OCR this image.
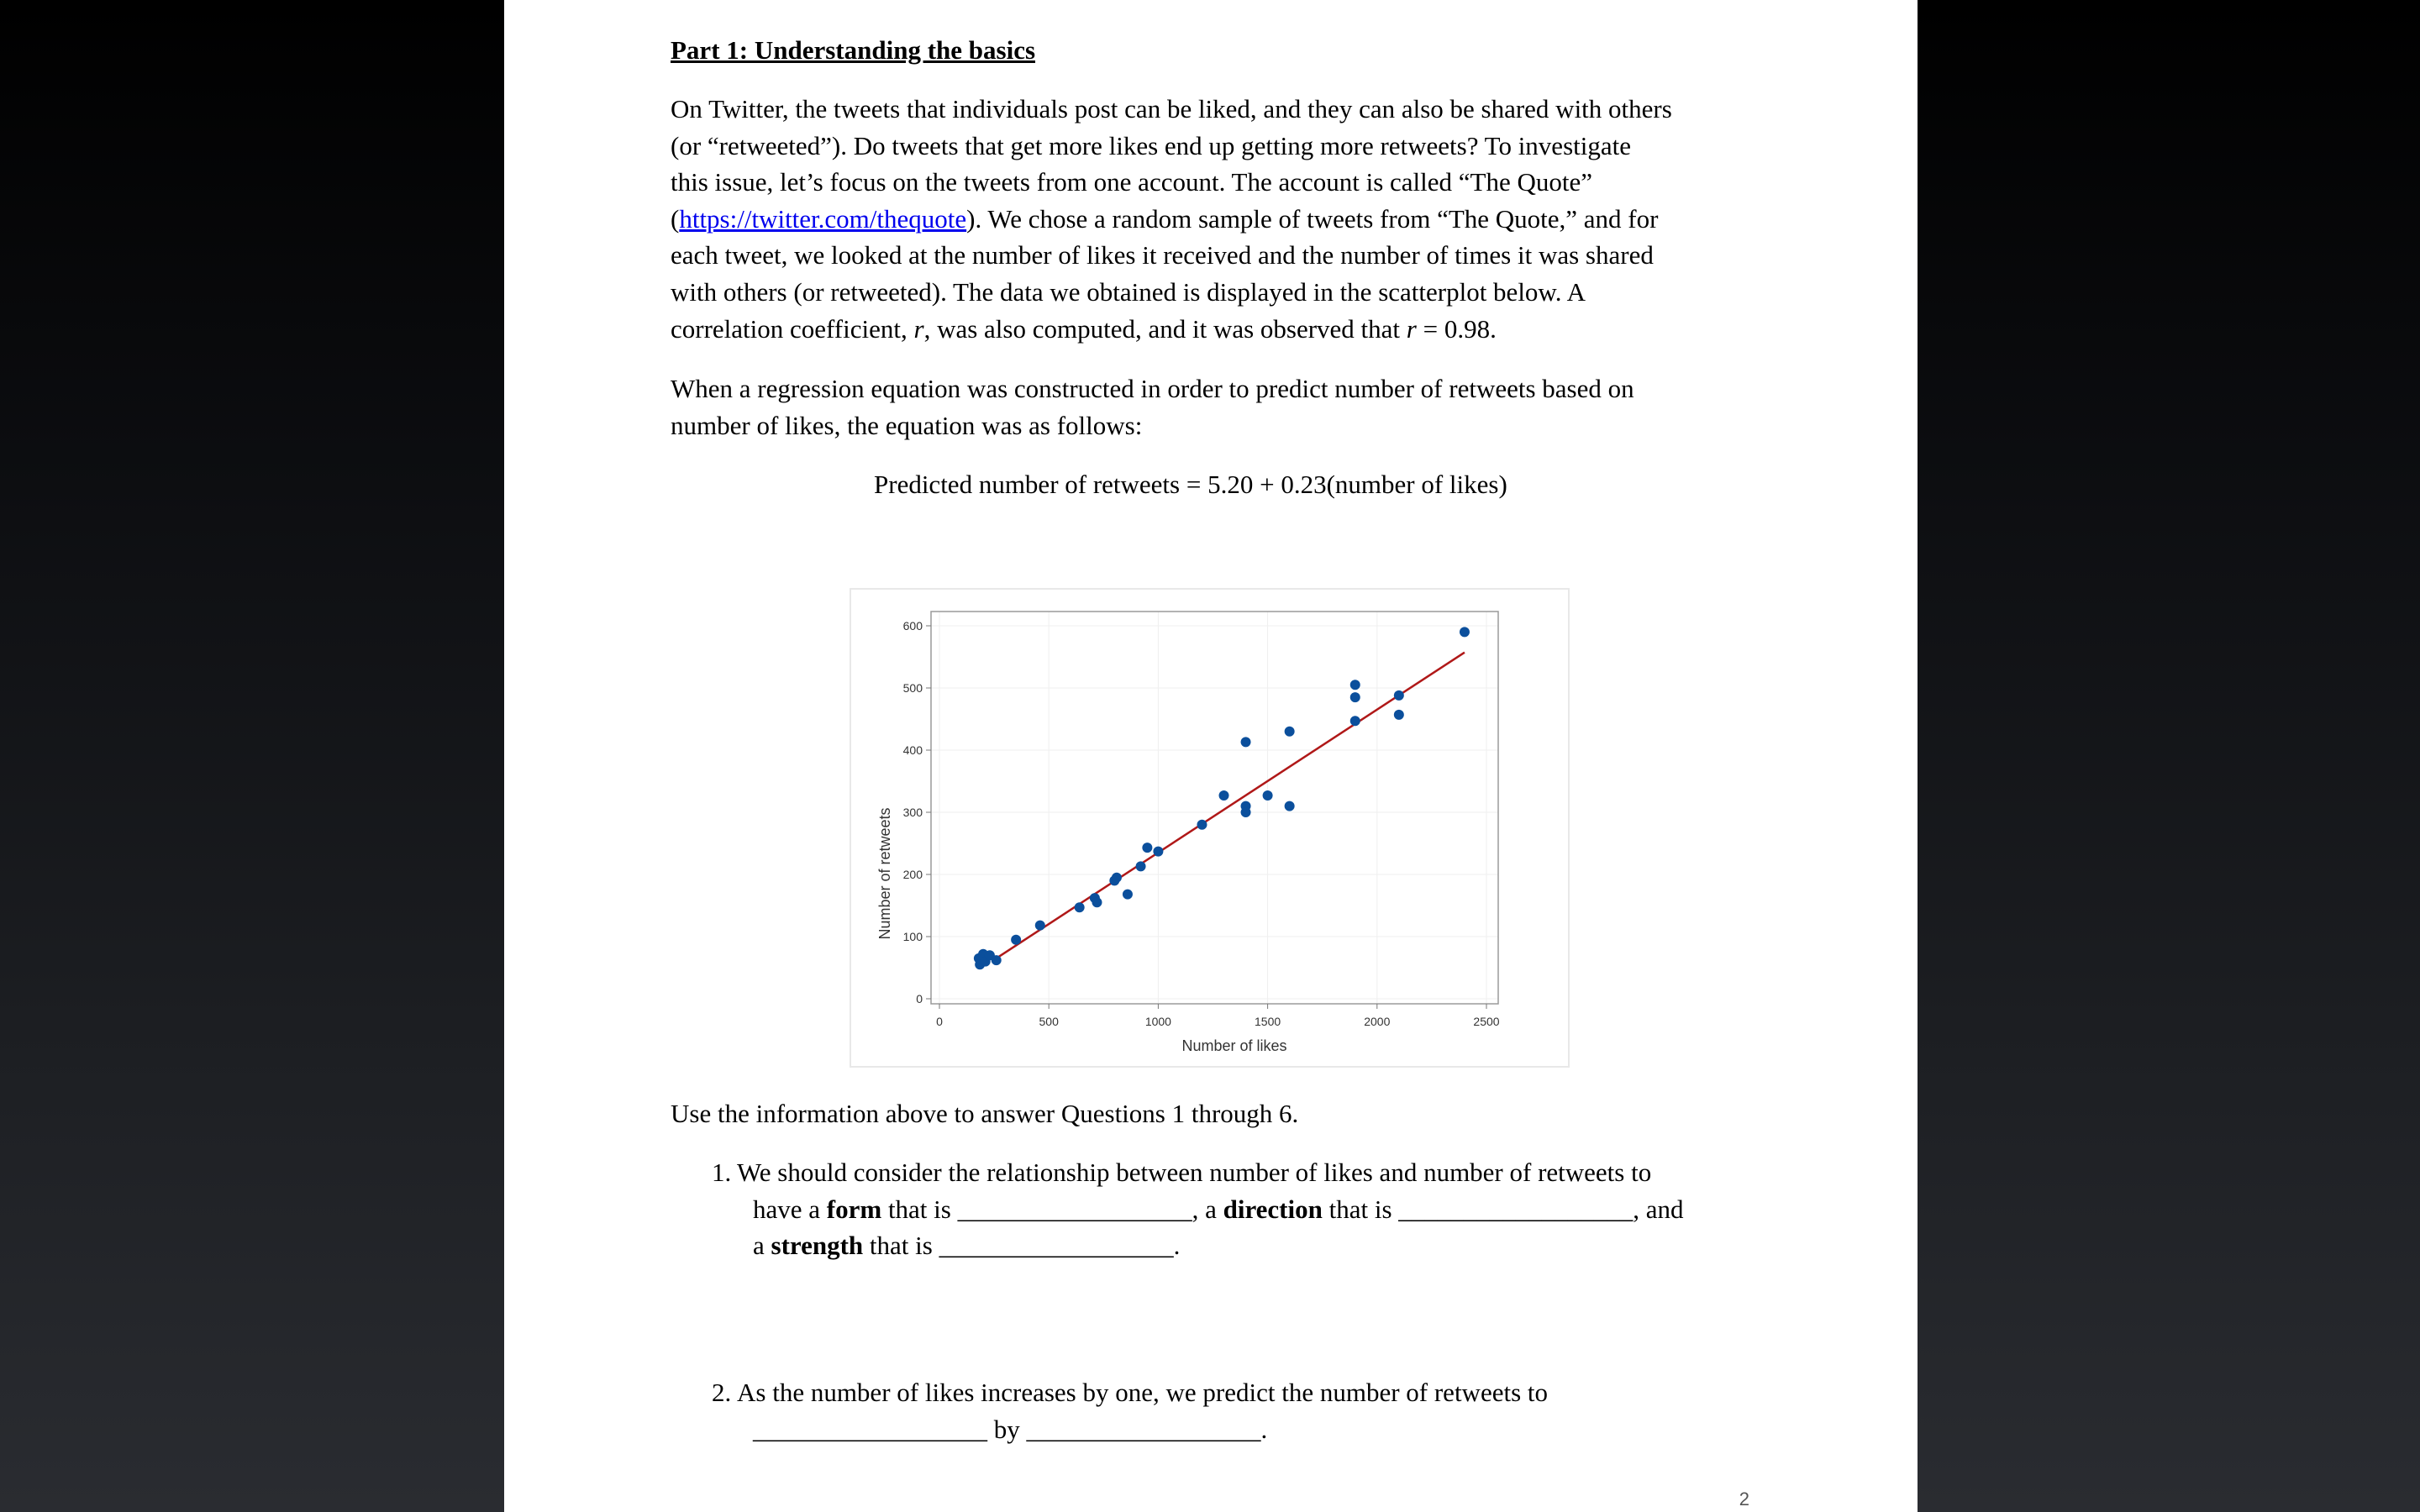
Part 1: Understanding the basics
On Twitter, the tweets that individuals post can be liked, and they can also be shared with others
(or “retweeted”). Do tweets that get more likes end up getting more retweets? To investigate
this issue, let’s focus on the tweets from one account. The account is called “The Quote”
(https://twitter.com/thequote). We chose a random sample of tweets from “The Quote,” and for
each tweet, we looked at the number of likes it received and the number of times it was shared
with others (or retweeted). The data we obtained is displayed in the scatterplot below. A
correlation coefficient, r, was also computed, and it was observed that r = 0.98.
When a regression equation was constructed in order to predict number of retweets based on
number of likes, the equation was as follows:
Predicted number of retweets = 5.20 + 0.23(number of likes)
0	500	1000	1500	2000	2500
0
100
200
300
400
500
600
Number of likes
Number of retweets
Use the information above to answer Questions 1 through 6.
1. We should consider the relationship between number of likes and number of retweets to
have a form that is __________________, a direction that is __________________, and
a strength that is __________________.
2. As the number of likes increases by one, we predict the number of retweets to
__________________ by __________________.
2
